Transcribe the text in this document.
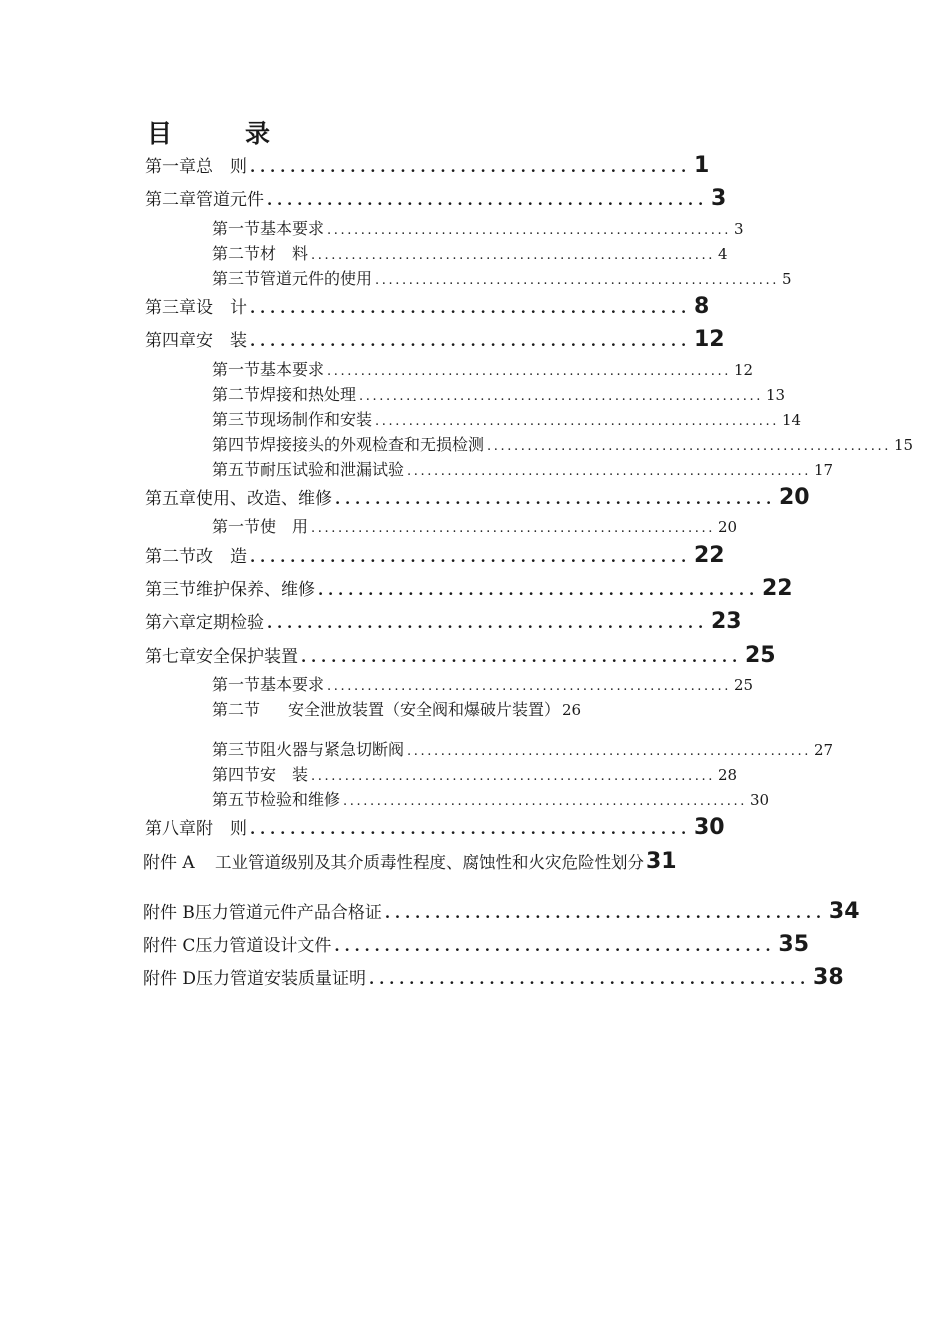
目　录
第一章 总　则 ............................................ 1
第二章 管道元件 ............................................ 3
第一节 基本要求 ............................................................ 3
第二节 材　料 ............................................................ 4
第三节 管道元件的使用 ............................................................ 5
第三章 设　计 ............................................ 8
第四章 安　装 ............................................ 12
第一节 基本要求 ............................................................ 12
第二节 焊接和热处理 ............................................................ 13
第三节 现场制作和安装 ............................................................ 14
第四节 焊接接头的外观检查和无损检测 ............................................................ 15
第五节 耐压试验和泄漏试验 ............................................................ 17
第五章 使用、改造、维修 ............................................ 20
第一节 使　用 ............................................................ 20
第二节 改　造 ............................................ 22
第三节 维护保养、维修 ............................................ 22
第六章 定期检验 ............................................ 23
第七章 安全保护装置 ............................................ 25
第一节 基本要求 ............................................................ 25
第二节	安全泄放装置（安全阀和爆破片装置） 26
第三节 阻火器与紧急切断阀 ............................................................ 27
第四节 安　装 ............................................................ 28
第五节 检验和维修 ............................................................ 30
第八章 附　则 ............................................ 30
附件 A	工业管道级别及其介质毒性程度、腐蚀性和火灾危险性划分 31
附件 B 压力管道元件产品合格证 ............................................ 34
附件 C 压力管道设计文件 ............................................ 35
附件 D 压力管道安装质量证明 ............................................ 38
